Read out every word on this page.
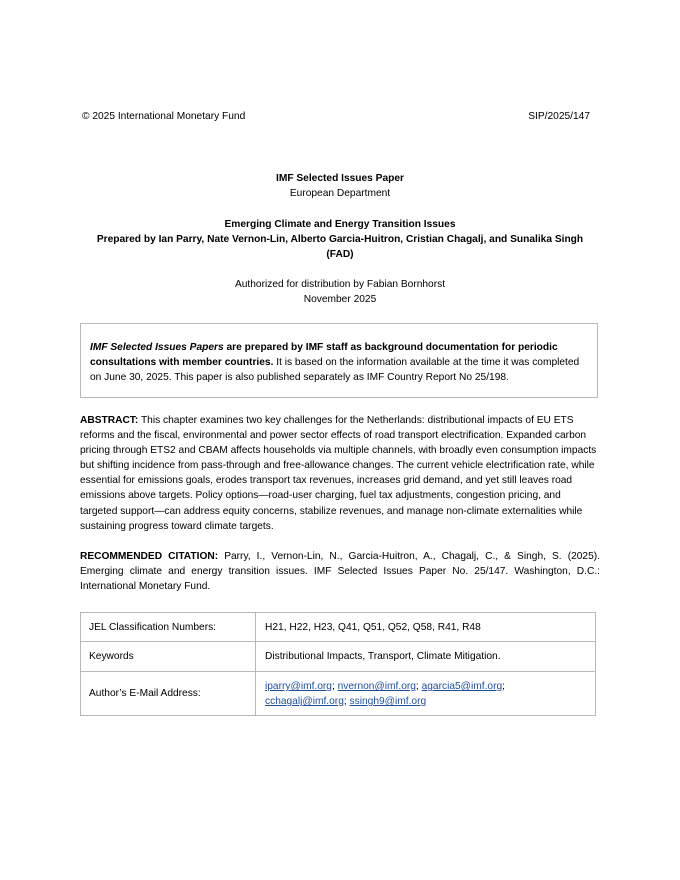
© 2025 International Monetary Fund	SIP/2025/147
IMF Selected Issues Paper
European Department
Emerging Climate and Energy Transition Issues
Prepared by Ian Parry, Nate Vernon-Lin, Alberto Garcia-Huitron, Cristian Chagalj, and Sunalika Singh
(FAD)
Authorized for distribution by Fabian Bornhorst
November 2025
IMF Selected Issues Papers are prepared by IMF staff as background documentation for periodic consultations with member countries. It is based on the information available at the time it was completed on June 30, 2025. This paper is also published separately as IMF Country Report No 25/198.
ABSTRACT: This chapter examines two key challenges for the Netherlands: distributional impacts of EU ETS reforms and the fiscal, environmental and power sector effects of road transport electrification. Expanded carbon pricing through ETS2 and CBAM affects households via multiple channels, with broadly even consumption impacts but shifting incidence from pass-through and free-allowance changes. The current vehicle electrification rate, while essential for emissions goals, erodes transport tax revenues, increases grid demand, and yet still leaves road emissions above targets. Policy options—road-user charging, fuel tax adjustments, congestion pricing, and targeted support—can address equity concerns, stabilize revenues, and manage non-climate externalities while sustaining progress toward climate targets.
RECOMMENDED CITATION: Parry, I., Vernon-Lin, N., Garcia-Huitron, A., Chagalj, C., & Singh, S. (2025). Emerging climate and energy transition issues. IMF Selected Issues Paper No. 25/147. Washington, D.C.: International Monetary Fund.
JEL Classification Numbers:	H21, H22, H23, Q41, Q51, Q52, Q58, R41, R48
Keywords	Distributional Impacts, Transport, Climate Mitigation.
Author’s E-Mail Address:	iparry@imf.org; nvernon@imf.org; agarcia5@imf.org;
cchagalj@imf.org; ssingh9@imf.org
